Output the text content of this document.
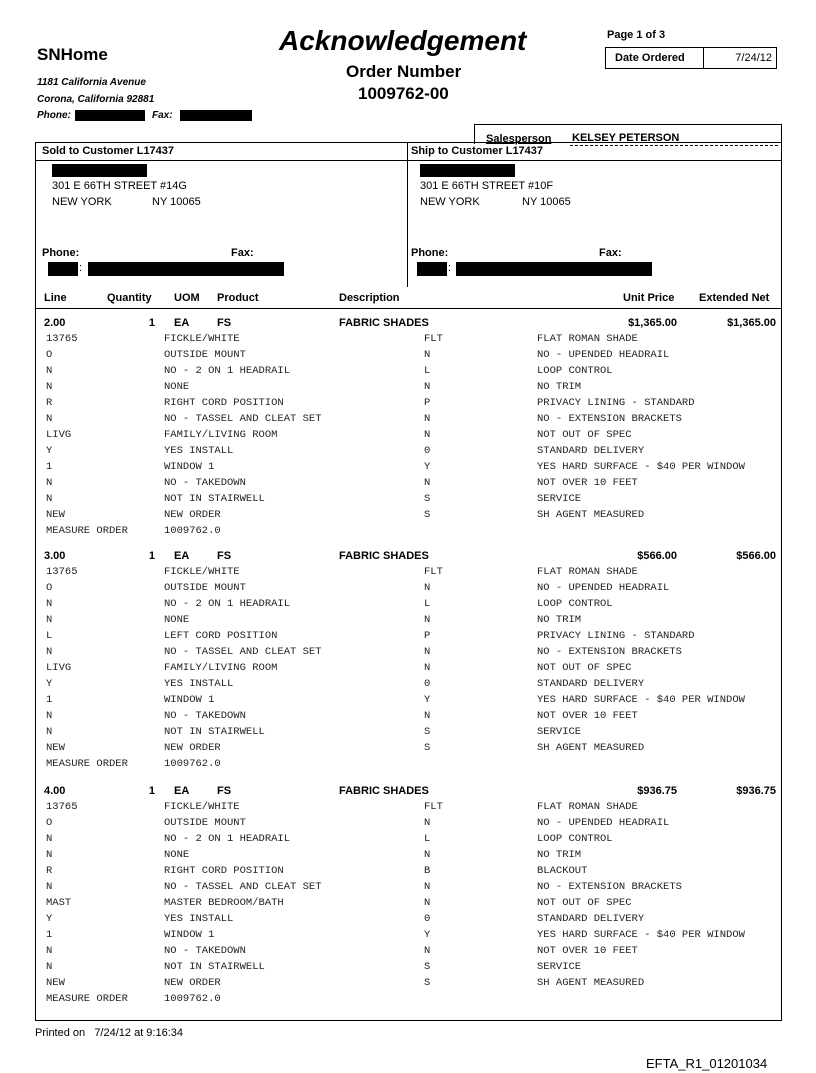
SNHome
1181 California Avenue
Corona, California 92881
Phone:	Fax:
Acknowledgement
Order Number
1009762-00
Page 1 of 3
Date Ordered	7/24/12
Salesperson KELSEY PETERSON
Sold to Customer L17437	Ship to Customer L17437
301 E 66TH STREET #14G
NEW YORK	NY 10065
301 E 66TH STREET #10F
NEW YORK	NY 10065
Phone:	Fax:
:
Phone:	Fax:
:
Line	Quantity UOM Product	Description	Unit Price Extended Net
2.00	1 EA	FS	FABRIC SHADES	$1,365.00	$1,365.00
13765	FICKLE/WHITE	FLT	FLAT ROMAN SHADE
O	OUTSIDE MOUNT	N	NO - UPENDED HEADRAIL
N	NO - 2 ON 1 HEADRAIL	L	LOOP CONTROL
N	NONE	N	NO TRIM
R	RIGHT CORD POSITION	P	PRIVACY LINING - STANDARD
N	NO - TASSEL AND CLEAT SET	N	NO - EXTENSION BRACKETS
LIVG	FAMILY/LIVING ROOM	N	NOT OUT OF SPEC
Y	YES INSTALL	0	STANDARD DELIVERY
1	WINDOW 1	Y	YES HARD SURFACE - $40 PER WINDOW
N	NO - TAKEDOWN	N	NOT OVER 10 FEET
N	NOT IN STAIRWELL	S	SERVICE
NEW	NEW ORDER	S	SH AGENT MEASURED
MEASURE ORDER	1009762.0
3.00	1 EA	FS	FABRIC SHADES	$566.00	$566.00
13765	FICKLE/WHITE	FLT	FLAT ROMAN SHADE
O	OUTSIDE MOUNT	N	NO - UPENDED HEADRAIL
N	NO - 2 ON 1 HEADRAIL	L	LOOP CONTROL
N	NONE	N	NO TRIM
L	LEFT CORD POSITION	P	PRIVACY LINING - STANDARD
N	NO - TASSEL AND CLEAT SET	N	NO - EXTENSION BRACKETS
LIVG	FAMILY/LIVING ROOM	N	NOT OUT OF SPEC
Y	YES INSTALL	0	STANDARD DELIVERY
1	WINDOW 1	Y	YES HARD SURFACE - $40 PER WINDOW
N	NO - TAKEDOWN	N	NOT OVER 10 FEET
N	NOT IN STAIRWELL	S	SERVICE
NEW	NEW ORDER	S	SH AGENT MEASURED
MEASURE ORDER	1009762.0
4.00	1 EA	FS	FABRIC SHADES	$936.75	$936.75
13765	FICKLE/WHITE	FLT	FLAT ROMAN SHADE
O	OUTSIDE MOUNT	N	NO - UPENDED HEADRAIL
N	NO - 2 ON 1 HEADRAIL	L	LOOP CONTROL
N	NONE	N	NO TRIM
R	RIGHT CORD POSITION	B	BLACKOUT
N	NO - TASSEL AND CLEAT SET	N	NO - EXTENSION BRACKETS
MAST	MASTER BEDROOM/BATH	N	NOT OUT OF SPEC
Y	YES INSTALL	0	STANDARD DELIVERY
1	WINDOW 1	Y	YES HARD SURFACE - $40 PER WINDOW
N	NO - TAKEDOWN	N	NOT OVER 10 FEET
N	NOT IN STAIRWELL	S	SERVICE
NEW	NEW ORDER	S	SH AGENT MEASURED
MEASURE ORDER	1009762.0
Printed on   7/24/12 at 9:16:34
EFTA_R1_01201034
